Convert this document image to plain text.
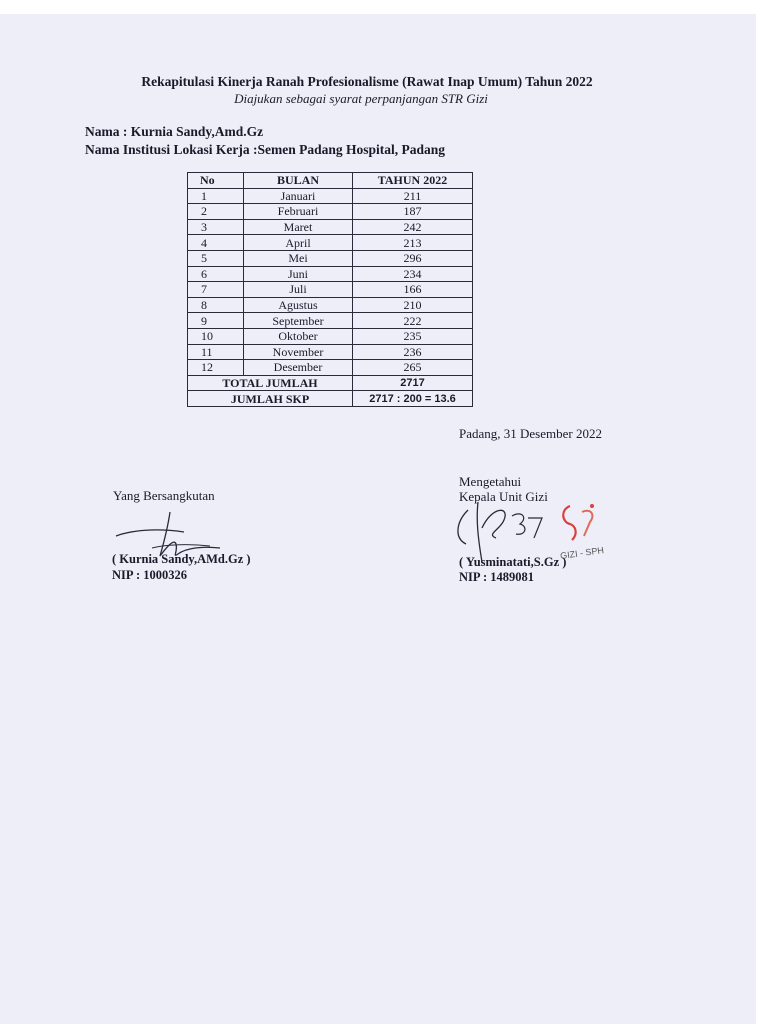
Rekapitulasi Kinerja Ranah Profesionalisme (Rawat Inap Umum) Tahun 2022
Diajukan sebagai syarat perpanjangan STR Gizi
Nama : Kurnia Sandy,Amd.Gz
Nama Institusi Lokasi Kerja :Semen Padang Hospital, Padang
No	BULAN	TAHUN 2022
1	Januari	211
2	Februari	187
3	Maret	242
4	April	213
5	Mei	296
6	Juni	234
7	Juli	166
8	Agustus	210
9	September	222
10	Oktober	235
11	November	236
12	Desember	265
TOTAL JUMLAH		2717
JUMLAH SKP		2717 : 200 = 13.6
Padang, 31 Desember 2022
Mengetahui
Kepala Unit Gizi
Yang Bersangkutan
( Kurnia Sandy,AMd.Gz )
NIP : 1000326
GIZI - SPH
( Yusminatati,S.Gz )
NIP : 1489081
